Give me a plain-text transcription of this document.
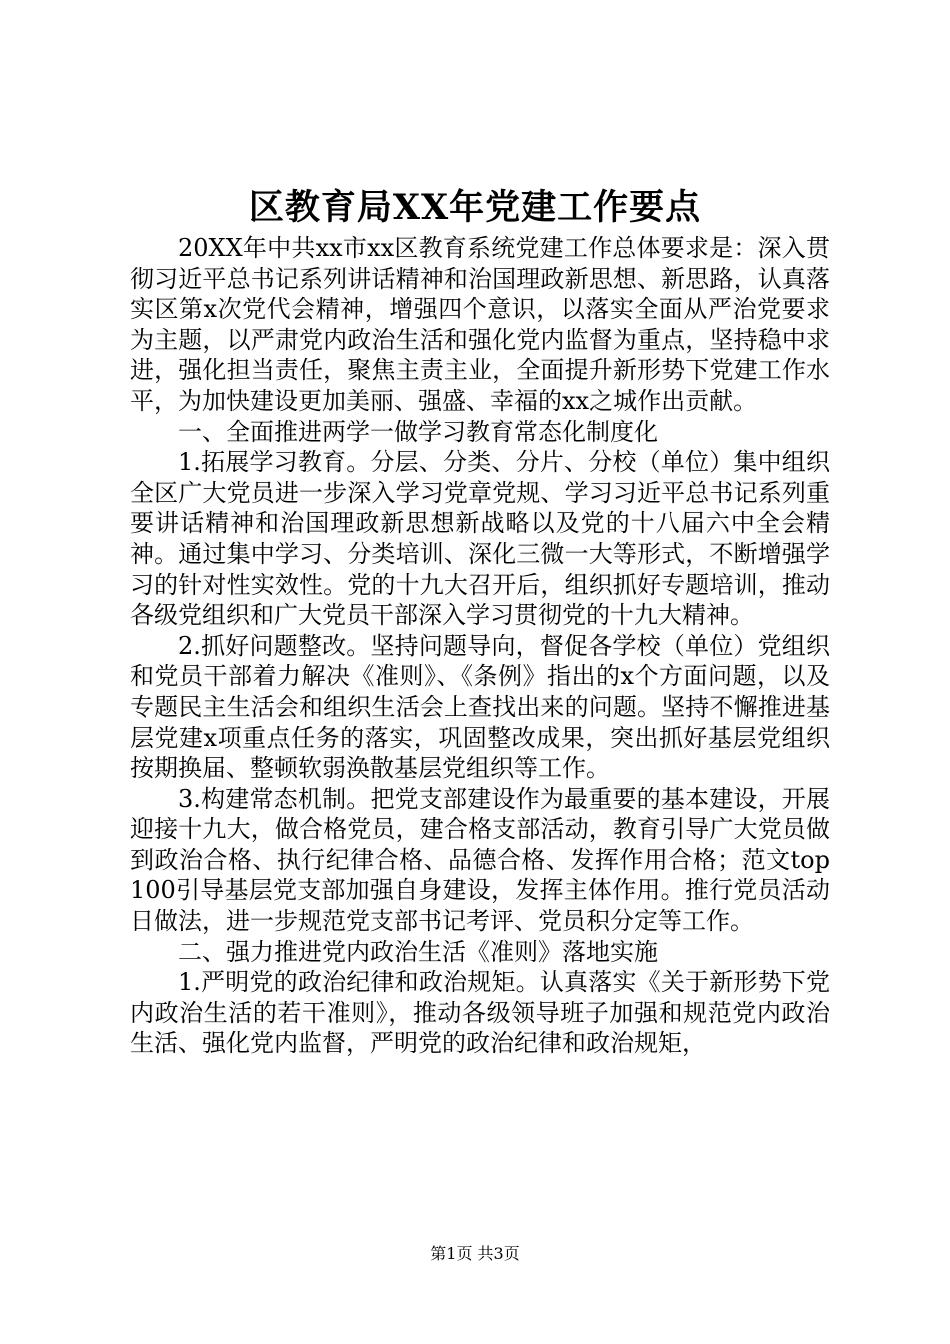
区教育局XX年党建工作要点

20XX年中共xx市xx区教育系统党建工作总体要求是：深入贯彻习近平总书记系列讲话精神和治国理政新思想、新思路，认真落实区第x次党代会精神，增强四个意识，以落实全面从严治党要求为主题，以严肃党内政治生活和强化党内监督为重点，坚持稳中求进，强化担当责任，聚焦主责主业，全面提升新形势下党建工作水平，为加快建设更加美丽、强盛、幸福的xx之城作出贡献。

一、全面推进两学一做学习教育常态化制度化

1.拓展学习教育。分层、分类、分片、分校（单位）集中组织全区广大党员进一步深入学习党章党规、学习习近平总书记系列重要讲话精神和治国理政新思想新战略以及党的十八届六中全会精神。通过集中学习、分类培训、深化三微一大等形式，不断增强学习的针对性实效性。党的十九大召开后，组织抓好专题培训，推动各级党组织和广大党员干部深入学习贯彻党的十九大精神。

2.抓好问题整改。坚持问题导向，督促各学校（单位）党组织和党员干部着力解决《准则》、《条例》指出的x个方面问题，以及专题民主生活会和组织生活会上查找出来的问题。坚持不懈推进基层党建x项重点任务的落实，巩固整改成果，突出抓好基层党组织按期换届、整顿软弱涣散基层党组织等工作。

3.构建常态机制。把党支部建设作为最重要的基本建设，开展迎接十九大，做合格党员，建合格支部活动，教育引导广大党员做到政治合格、执行纪律合格、品德合格、发挥作用合格；范文top100引导基层党支部加强自身建设，发挥主体作用。推行党员活动日做法，进一步规范党支部书记考评、党员积分定等工作。

二、强力推进党内政治生活《准则》落地实施

1.严明党的政治纪律和政治规矩。认真落实《关于新形势下党内政治生活的若干准则》，推动各级领导班子加强和规范党内政治生活、强化党内监督，严明党的政治纪律和政治规矩，

第1页 共3页
